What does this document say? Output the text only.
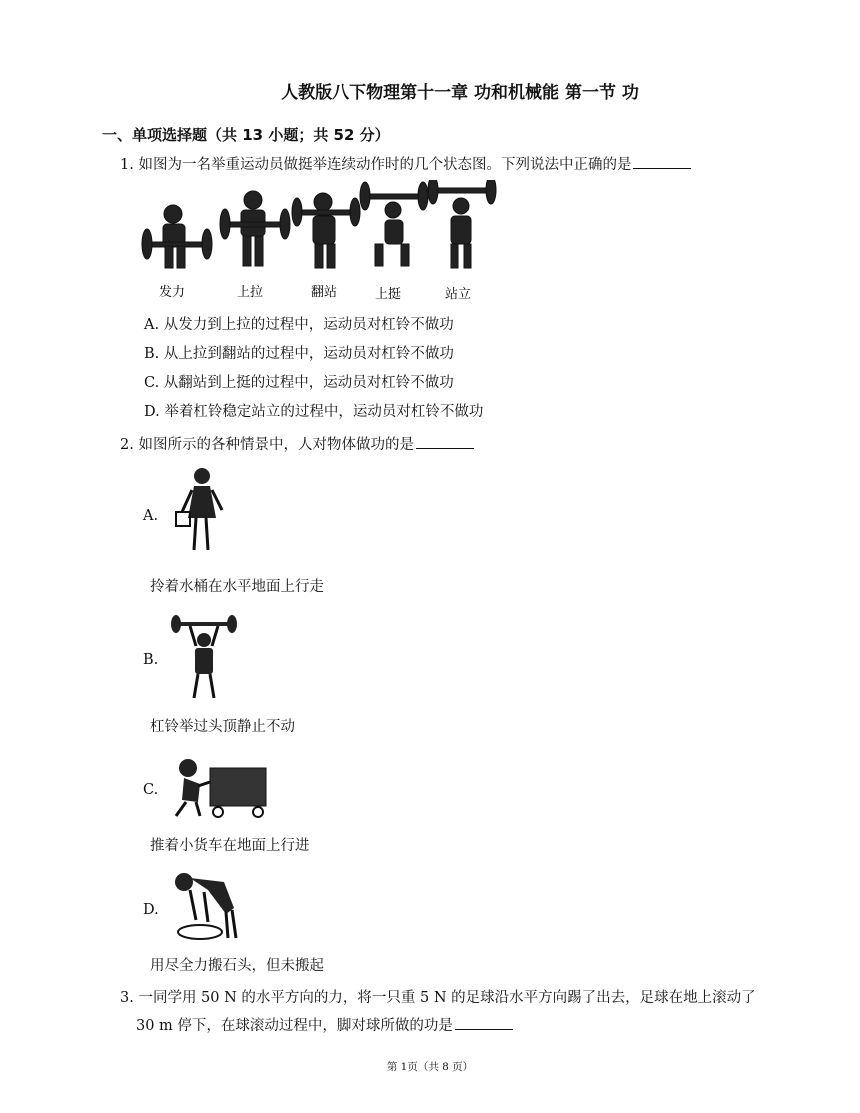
人教版八下物理第十一章 功和机械能 第一节 功
一、单项选择题（共 13 小题；共 52 分）
1. 如图为一名举重运动员做挺举连续动作时的几个状态图。下列说法中正确的是
发力	上拉	翻站	上挺	站立
A. 从发力到上拉的过程中，运动员对杠铃不做功
B. 从上拉到翻站的过程中，运动员对杠铃不做功
C. 从翻站到上挺的过程中，运动员对杠铃不做功
D. 举着杠铃稳定站立的过程中，运动员对杠铃不做功
2. 如图所示的各种情景中，人对物体做功的是
A.
拎着水桶在水平地面上行走
B.
杠铃举过头顶静止不动
C.
推着小货车在地面上行进
D.
用尽全力搬石头，但未搬起
3. 一同学用 50 N 的水平方向的力，将一只重 5 N 的足球沿水平方向踢了出去，足球在地上滚动了
30 m 停下，在球滚动过程中，脚对球所做的功是
第 1页（共 8 页）
